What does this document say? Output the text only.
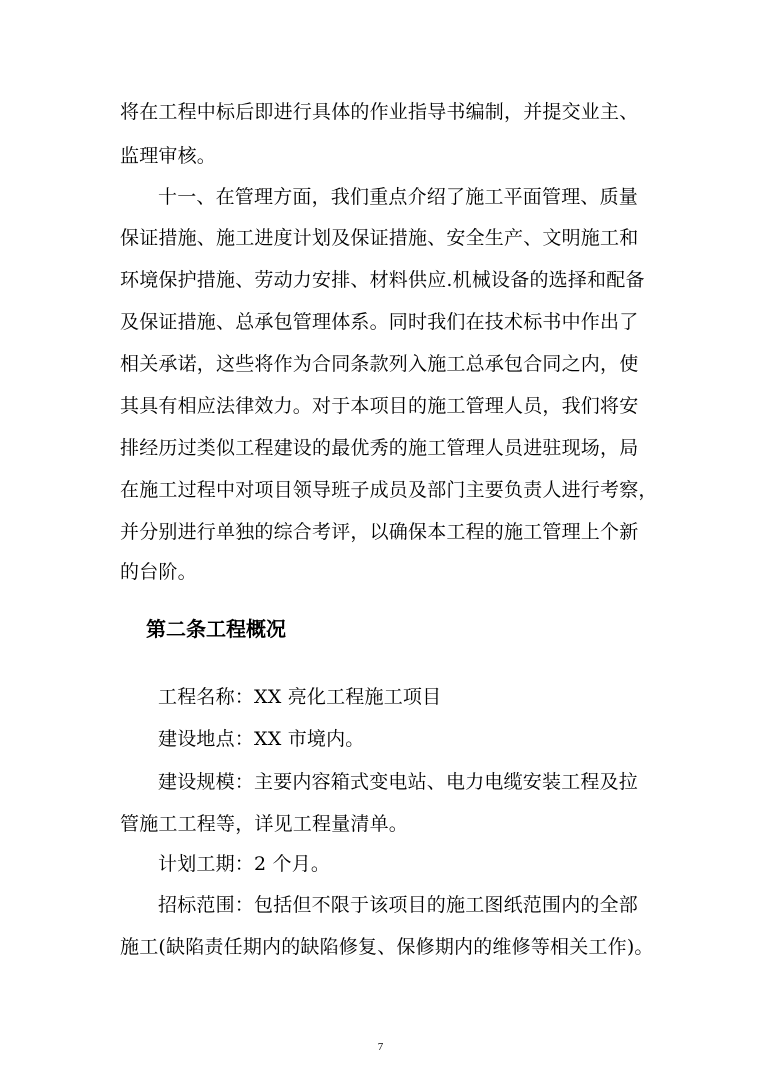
将在工程中标后即进行具体的作业指导书编制，并提交业主、
监理审核。
十一、在管理方面，我们重点介绍了施工平面管理、质量
保证措施、施工进度计划及保证措施、安全生产、文明施工和
环境保护措施、劳动力安排、材料供应.机械设备的选择和配备
及保证措施、总承包管理体系。同时我们在技术标书中作出了
相关承诺，这些将作为合同条款列入施工总承包合同之内，使
其具有相应法律效力。对于本项目的施工管理人员，我们将安
排经历过类似工程建设的最优秀的施工管理人员进驻现场，局
在施工过程中对项目领导班子成员及部门主要负责人进行考察，
并分别进行单独的综合考评，以确保本工程的施工管理上个新
的台阶。
第二条工程概况
工程名称：XX 亮化工程施工项目
建设地点：XX 市境内。
建设规模：主要内容箱式变电站、电力电缆安装工程及拉
管施工工程等，详见工程量清单。
计划工期：2 个月。
招标范围：包括但不限于该项目的施工图纸范围内的全部
施工(缺陷责任期内的缺陷修复、保修期内的维修等相关工作)。
7
